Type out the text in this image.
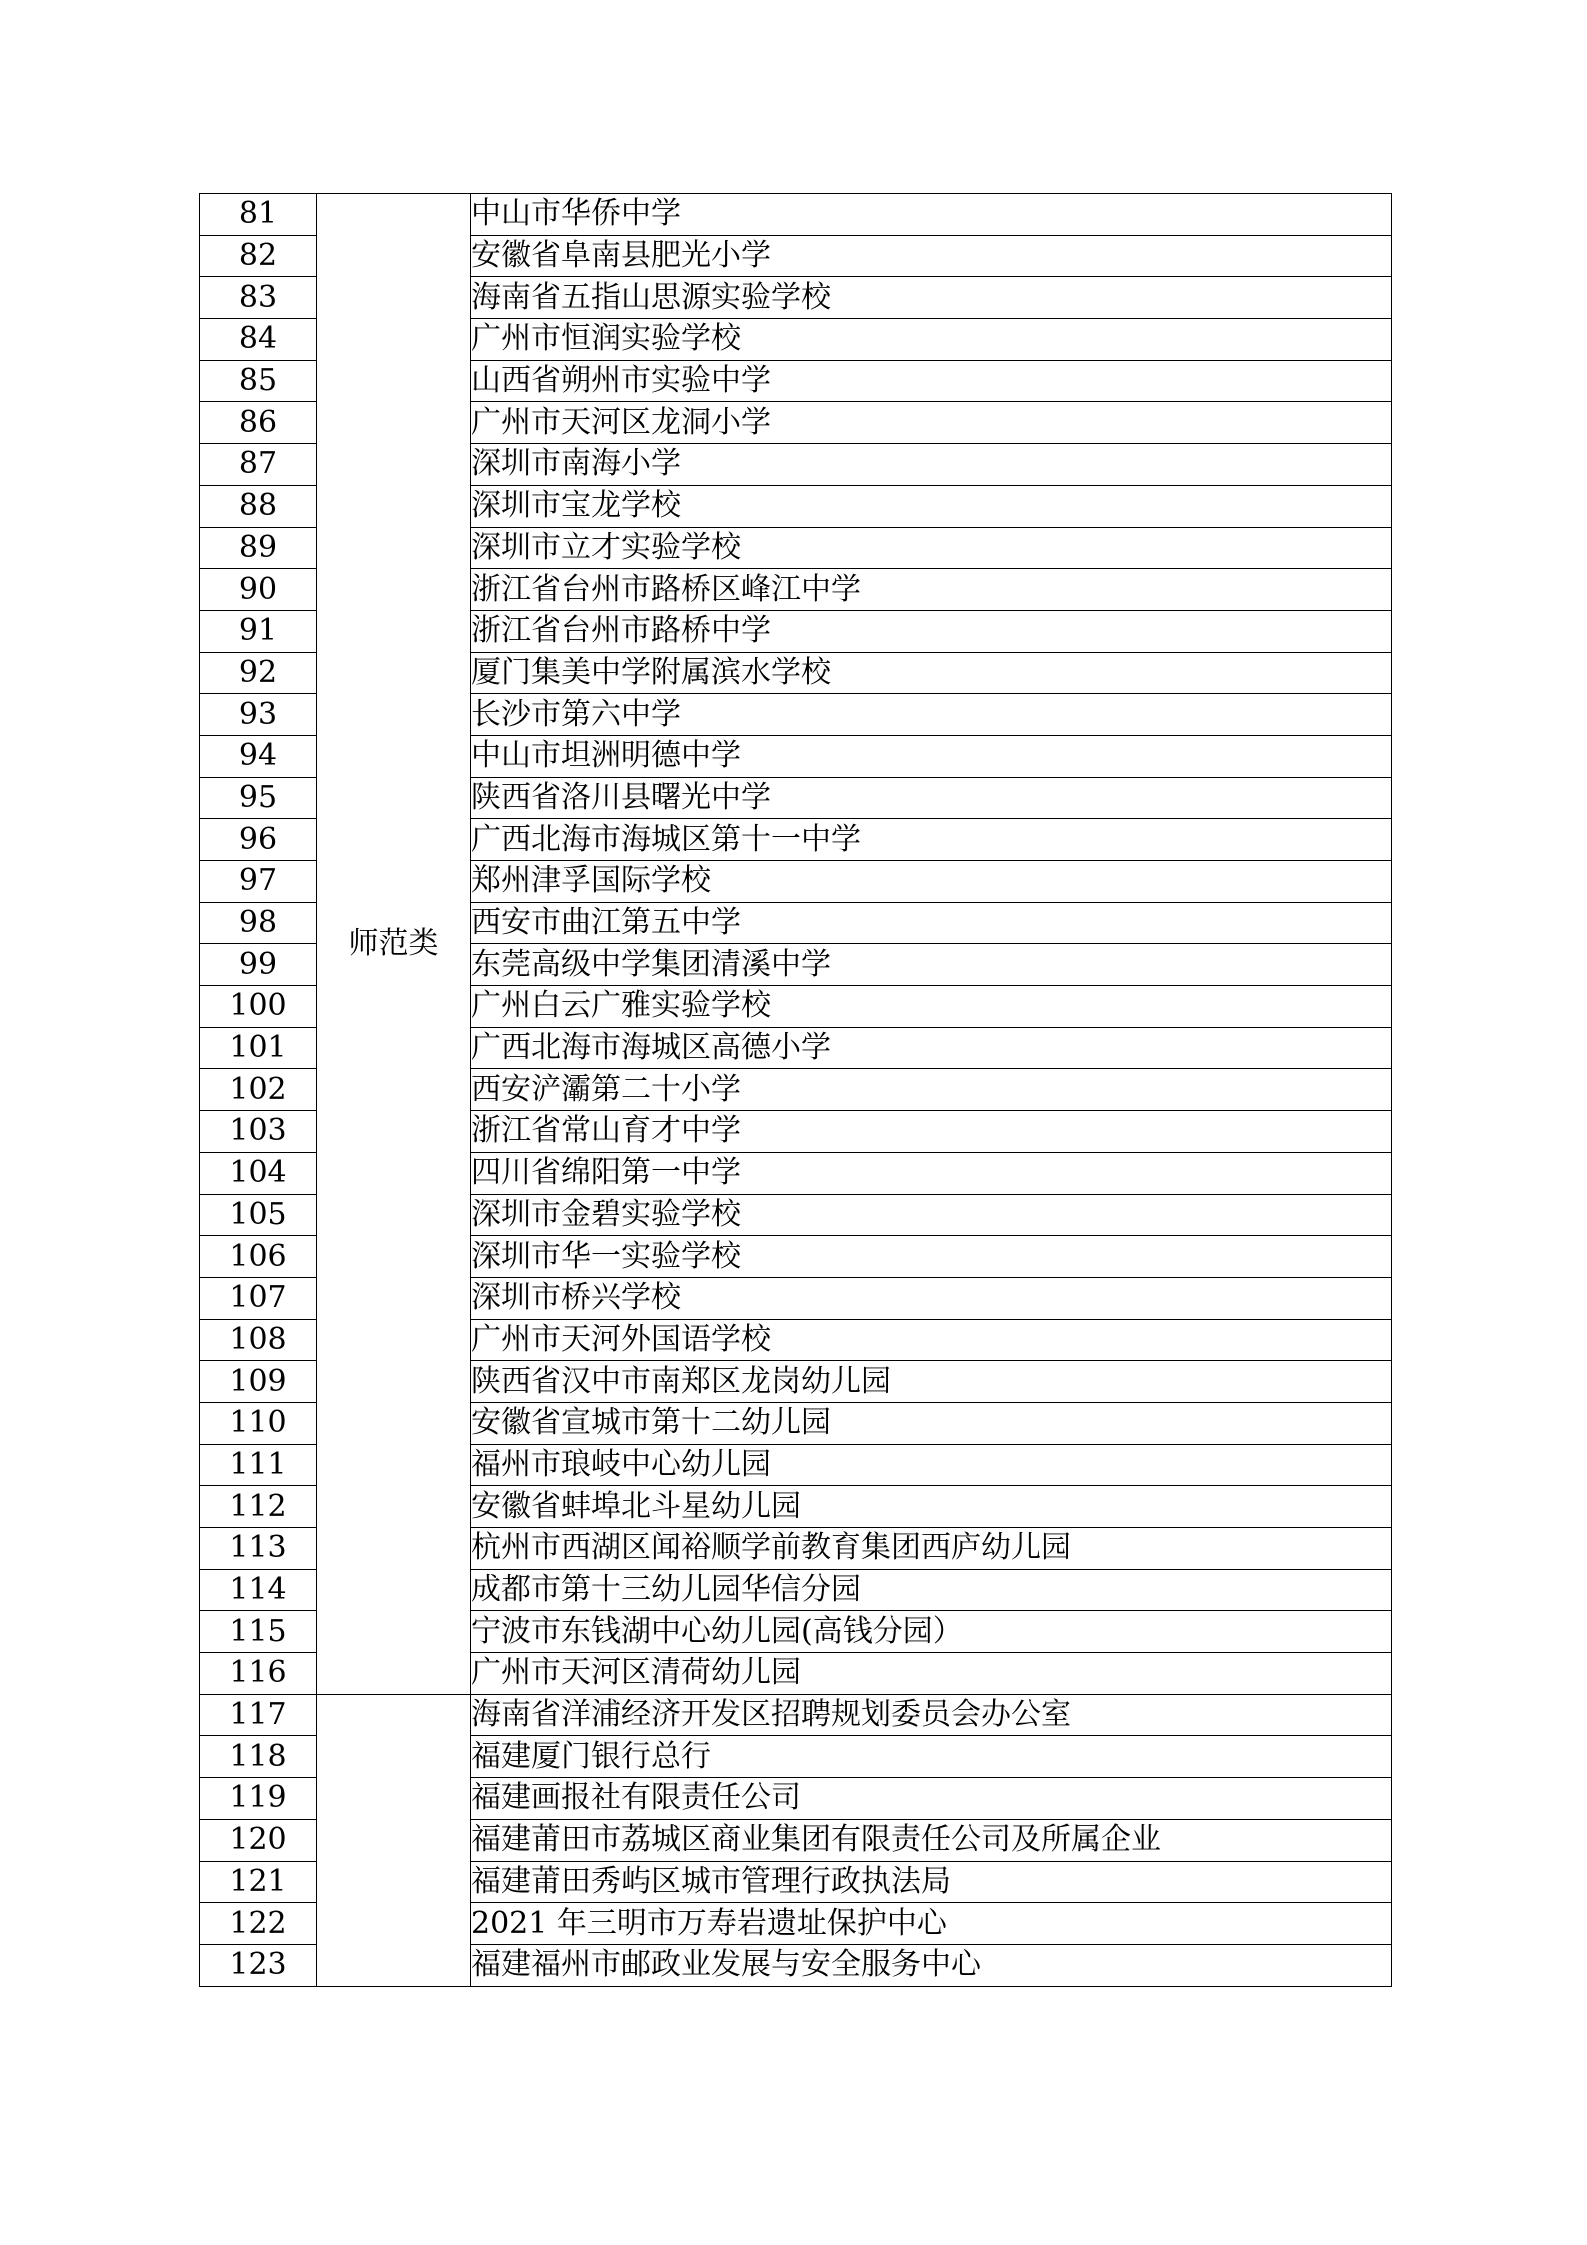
81	师范类	中山市华侨中学
82		安徽省阜南县肥光小学
83		海南省五指山思源实验学校
84		广州市恒润实验学校
85		山西省朔州市实验中学
86		广州市天河区龙洞小学
87		深圳市南海小学
88		深圳市宝龙学校
89		深圳市立才实验学校
90		浙江省台州市路桥区峰江中学
91		浙江省台州市路桥中学
92		厦门集美中学附属滨水学校
93		长沙市第六中学
94		中山市坦洲明德中学
95		陕西省洛川县曙光中学
96		广西北海市海城区第十一中学
97		郑州津孚国际学校
98		西安市曲江第五中学
99		东莞高级中学集团清溪中学
100		广州白云广雅实验学校
101		广西北海市海城区高德小学
102		西安浐灞第二十小学
103		浙江省常山育才中学
104		四川省绵阳第一中学
105		深圳市金碧实验学校
106		深圳市华一实验学校
107		深圳市桥兴学校
108		广州市天河外国语学校
109		陕西省汉中市南郑区龙岗幼儿园
110		安徽省宣城市第十二幼儿园
111		福州市琅岐中心幼儿园
112		安徽省蚌埠北斗星幼儿园
113		杭州市西湖区闻裕顺学前教育集团西庐幼儿园
114		成都市第十三幼儿园华信分园
115		宁波市东钱湖中心幼儿园(高钱分园）
116		广州市天河区清荷幼儿园
117		海南省洋浦经济开发区招聘规划委员会办公室
118		福建厦门银行总行
119		福建画报社有限责任公司
120		福建莆田市荔城区商业集团有限责任公司及所属企业
121		福建莆田秀屿区城市管理行政执法局
122		2021 年三明市万寿岩遗址保护中心
123		福建福州市邮政业发展与安全服务中心
